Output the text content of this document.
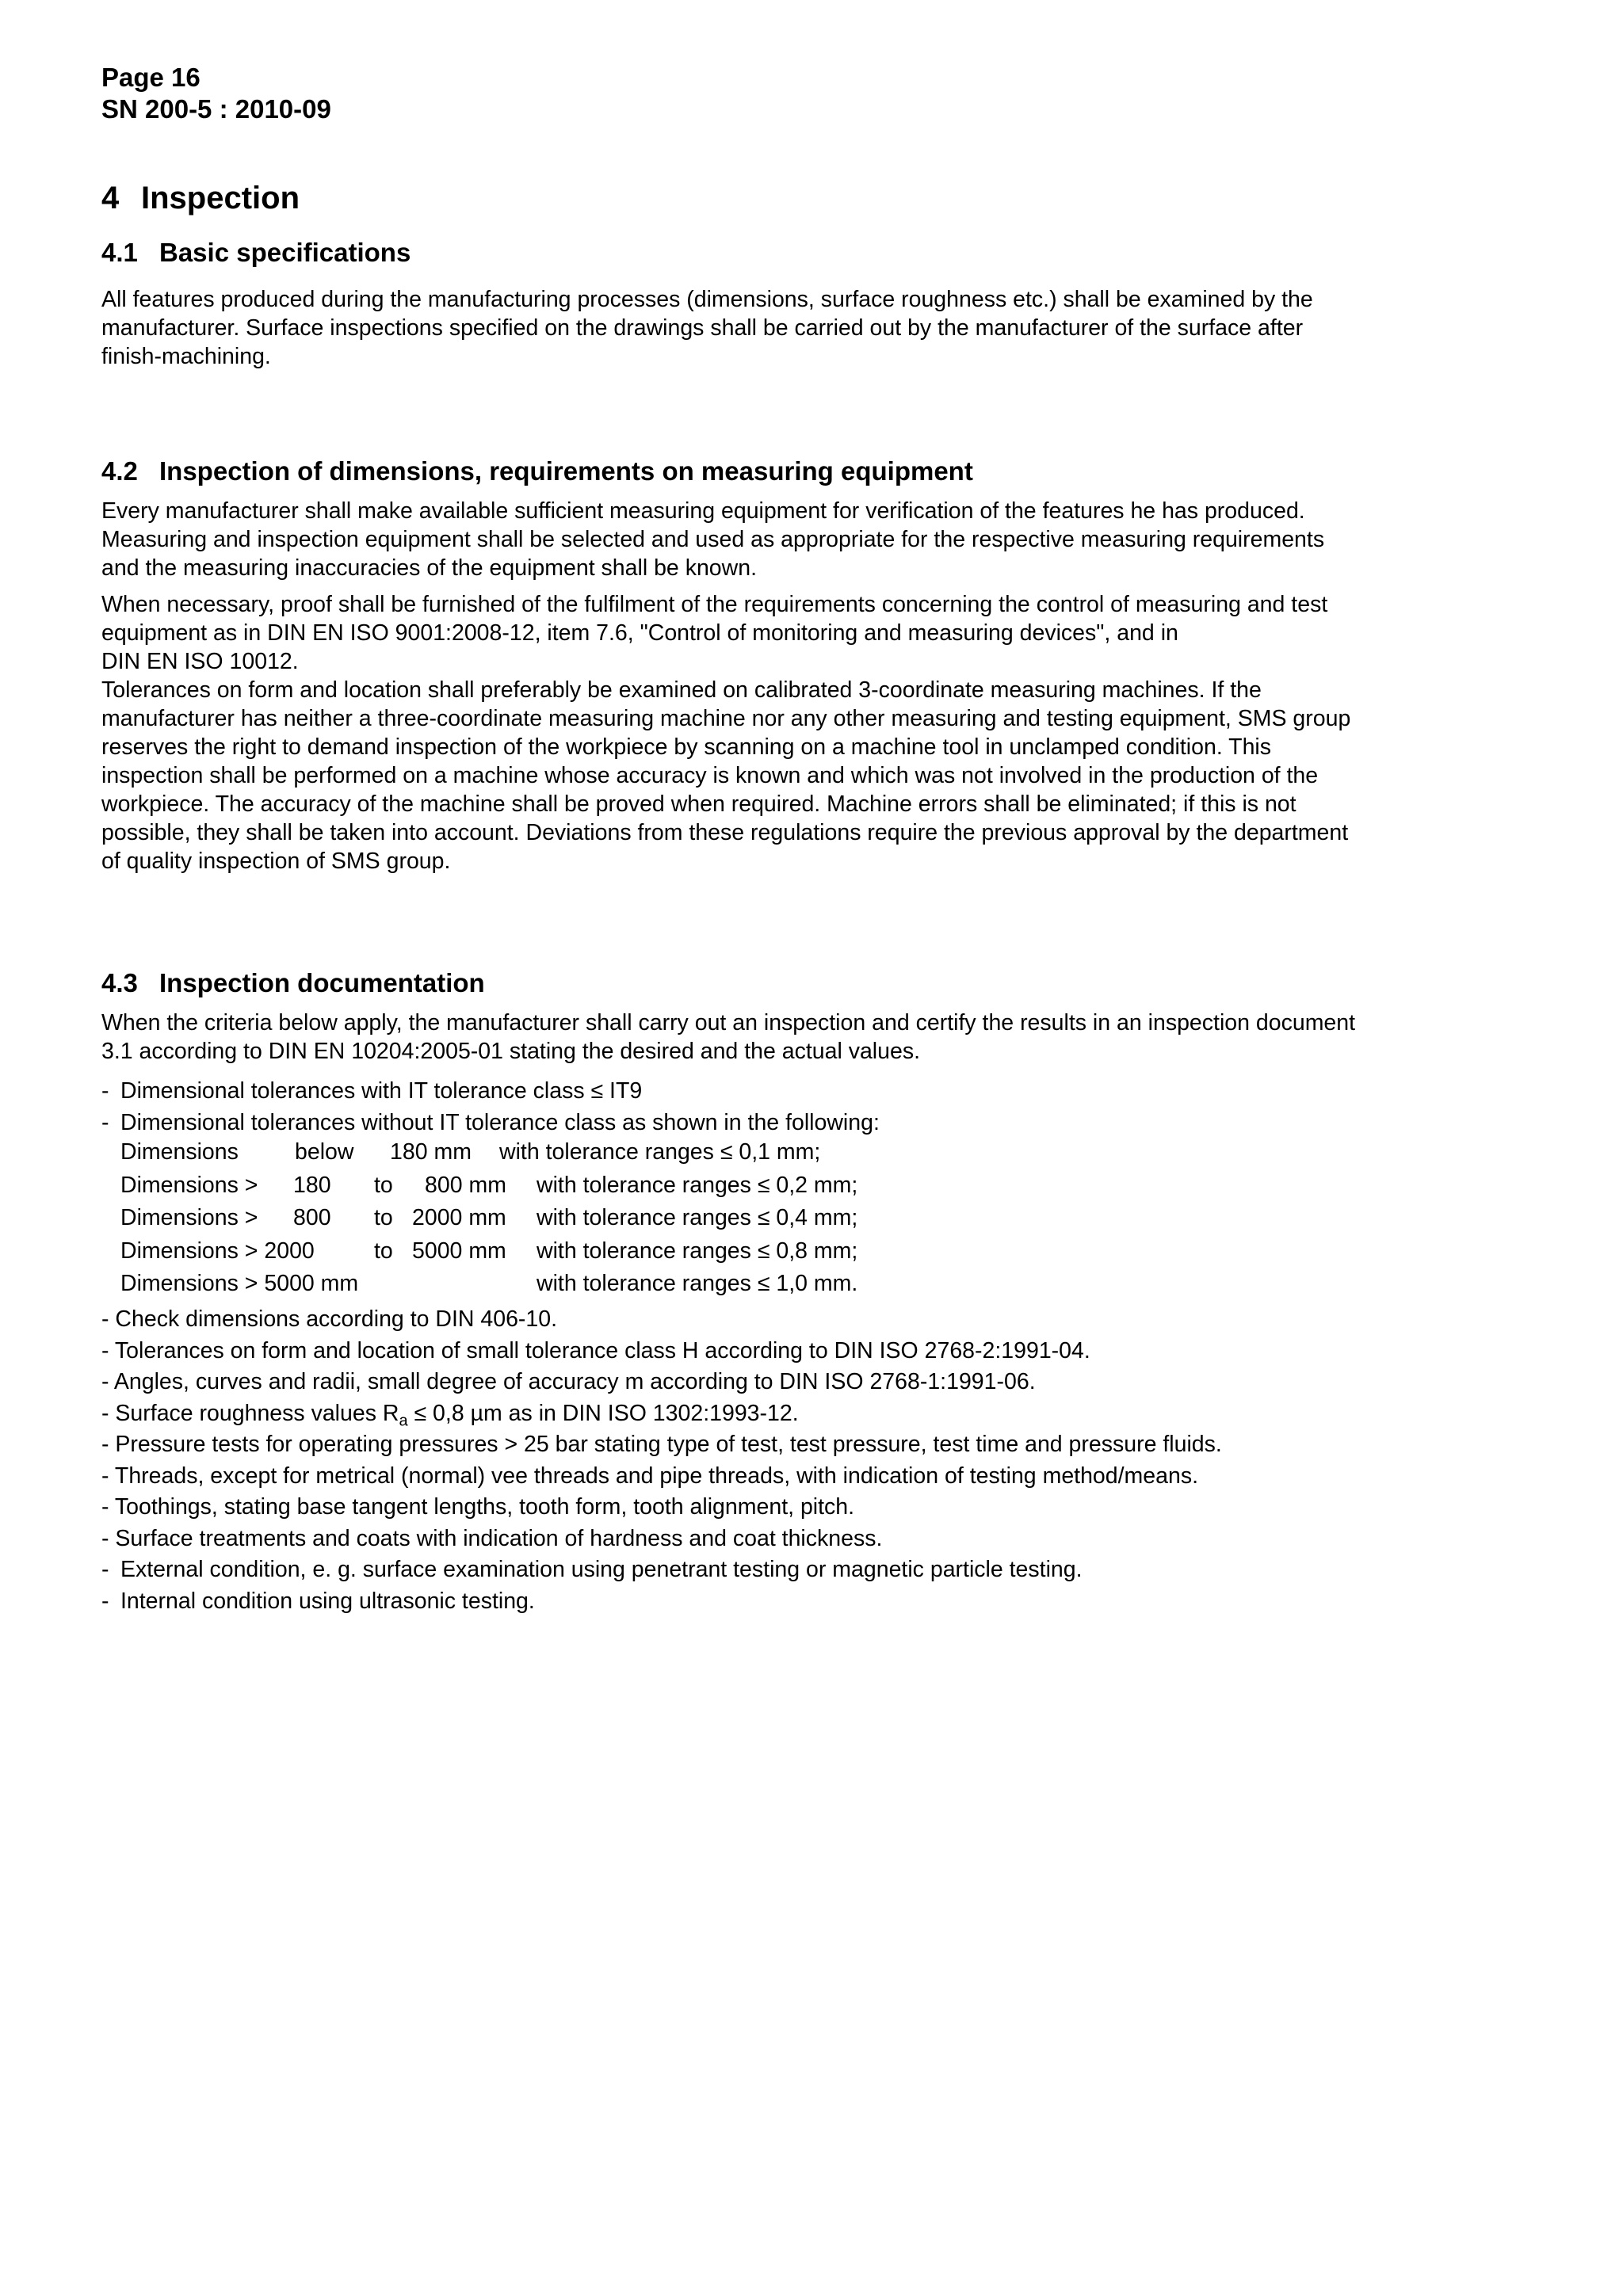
Page 16
SN 200-5 : 2010-09
4 Inspection
4.1 Basic specifications

All features produced during the manufacturing processes (dimensions, surface roughness etc.) shall be examined by the
manufacturer. Surface inspections specified on the drawings shall be carried out by the manufacturer of the surface after
finish-machining.

4.2 Inspection of dimensions, requirements on measuring equipment

Every manufacturer shall make available sufficient measuring equipment for verification of the features he has produced.
Measuring and inspection equipment shall be selected and used as appropriate for the respective measuring requirements
and the measuring inaccuracies of the equipment shall be known.

When necessary, proof shall be furnished of the fulfilment of the requirements concerning the control of measuring and test
equipment as in DIN EN ISO 9001:2008-12, item 7.6, "Control of monitoring and measuring devices", and in
DIN EN ISO 10012.
Tolerances on form and location shall preferably be examined on calibrated 3-coordinate measuring machines. If the
manufacturer has neither a three-coordinate measuring machine nor any other measuring and testing equipment, SMS group
reserves the right to demand inspection of the workpiece by scanning on a machine tool in unclamped condition. This
inspection shall be performed on a machine whose accuracy is known and which was not involved in the production of the
workpiece. The accuracy of the machine shall be proved when required. Machine errors shall be eliminated; if this is not
possible, they shall be taken into account. Deviations from these regulations require the previous approval by the department
of quality inspection of SMS group.

4.3 Inspection documentation

When the criteria below apply, the manufacturer shall carry out an inspection and certify the results in an inspection document
3.1 according to DIN EN 10204:2005-01 stating the desired and the actual values.

- Dimensional tolerances with IT tolerance class ≤ IT9
- Dimensional tolerances without IT tolerance class as shown in the following:
- Check dimensions according to DIN 406-10.
- Tolerances on form and location of small tolerance class H according to DIN ISO 2768-2:1991-04.
- Angles, curves and radii, small degree of accuracy m according to DIN ISO 2768-1:1991-06.
- Surface roughness values $R_a \le 0,8$ µm as in DIN ISO 1302:1993-12.
- Pressure tests for operating pressures > 25 bar stating type of test, test pressure, test time and pressure fluids.
- Threads, except for metrical (normal) vee threads and pipe threads, with indication of testing method/means.
- Toothings, stating base tangent lengths, tooth form, tooth alignment, pitch.
- Surface treatments and coats with indication of hardness and coat thickness.
- External condition, e. g. surface examination using penetrant testing or magnetic particle testing.
- Internal condition using ultrasonic testing.
Dimensions below 180 mm with tolerance ranges ≤ 0,1 mm;
Dimensions > 180 to 800 mm with tolerance ranges ≤ 0,2 mm;
Dimensions > 800 to 2000 mm with tolerance ranges ≤ 0,4 mm;
Dimensions > 2000	to 5000 mm with tolerance ranges ≤ 0,8 mm;
Dimensions > 5000 mm	with tolerance ranges ≤ 1,0 mm.
